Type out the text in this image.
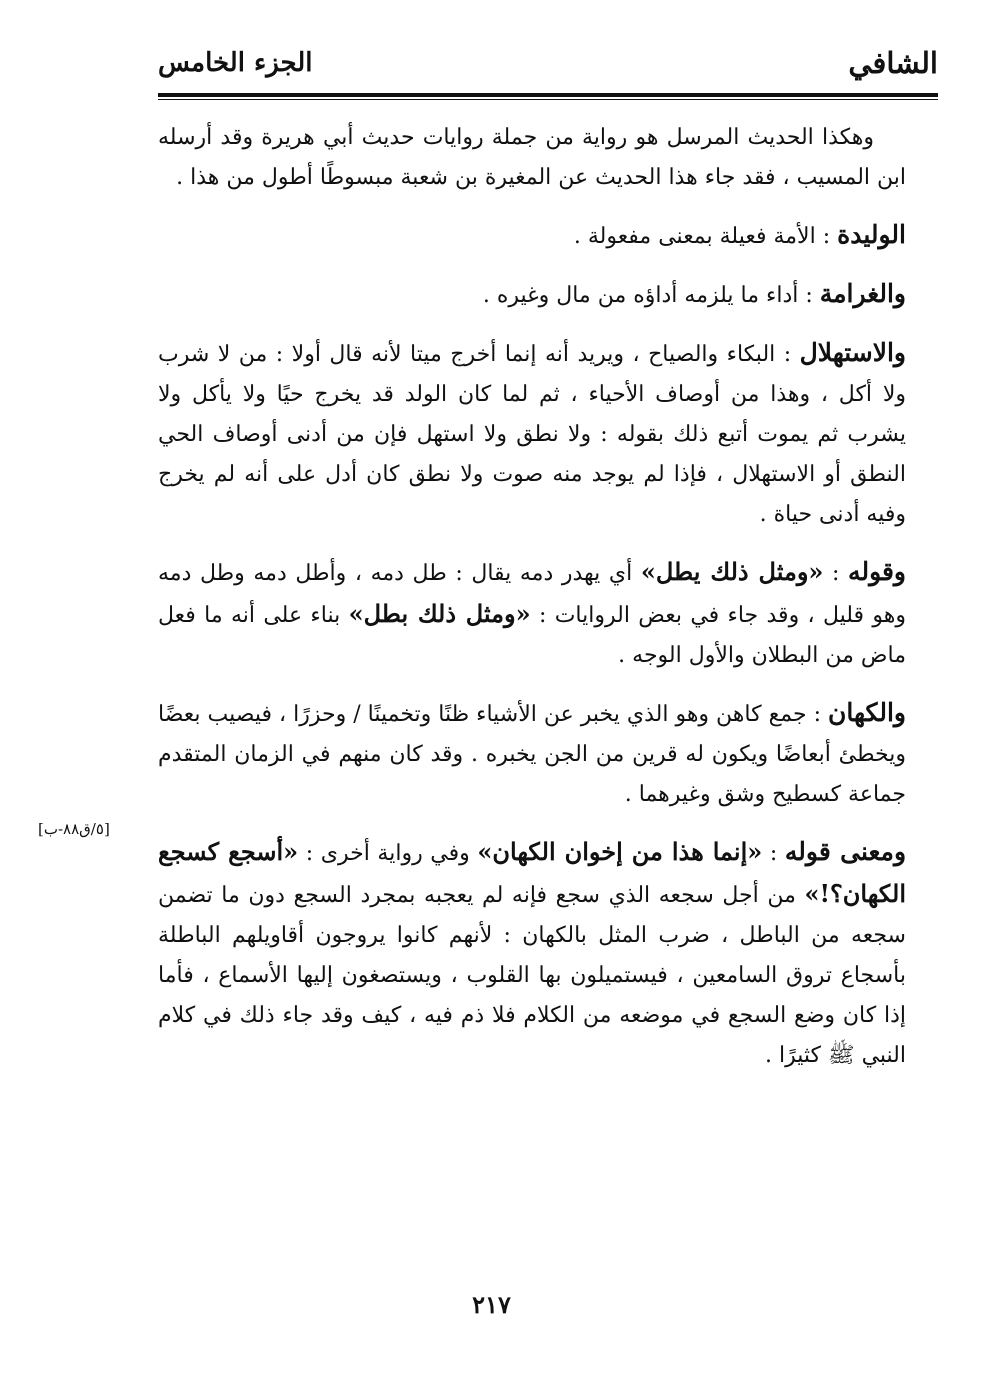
الشافي
الجزء الخامس
[٥/ق٨٨-ب]

وهكذا الحديث المرسل هو رواية من جملة روايات حديث أبي هريرة وقد أرسله ابن المسيب ، فقد جاء هذا الحديث عن المغيرة بن شعبة مبسوطًا أطول من هذا .

الوليدة : الأمة فعيلة بمعنى مفعولة .

والغرامة : أداء ما يلزمه أداؤه من مال وغيره .

والاستهلال : البكاء والصياح ، ويريد أنه إنما أخرج ميتا لأنه قال أولا : من لا شرب ولا أكل ، وهذا من أوصاف الأحياء ، ثم لما كان الولد قد يخرج حيًا ولا يأكل ولا يشرب ثم يموت أتبع ذلك بقوله : ولا نطق ولا استهل فإن من أدنى أوصاف الحي النطق أو الاستهلال ، فإذا لم يوجد منه صوت ولا نطق كان أدل على أنه لم يخرج وفيه أدنى حياة .

وقوله : «ومثل ذلك يطل» أي يهدر دمه يقال : طل دمه ، وأطل دمه وطل دمه وهو قليل ، وقد جاء في بعض الروايات : «ومثل ذلك بطل» بناء على أنه ما فعل ماض من البطلان والأول الوجه .

والكهان : جمع كاهن وهو الذي يخبر عن الأشياء ظنًا وتخمينًا / وحزرًا ، فيصيب بعضًا ويخطئ أبعاضًا ويكون له قرين من الجن يخبره . وقد كان منهم في الزمان المتقدم جماعة كسطيح وشق وغيرهما .

ومعنى قوله : «إنما هذا من إخوان الكهان» وفي رواية أخرى : «أسجع كسجع الكهان؟!» من أجل سجعه الذي سجع فإنه لم يعجبه بمجرد السجع دون ما تضمن سجعه من الباطل ، ضرب المثل بالكهان : لأنهم كانوا يروجون أقاويلهم الباطلة بأسجاع تروق السامعين ، فيستميلون بها القلوب ، ويستصغون إليها الأسماع ، فأما إذا كان وضع السجع في موضعه من الكلام فلا ذم فيه ، كيف وقد جاء ذلك في كلام النبي ﷺ كثيرًا .

٢١٧
